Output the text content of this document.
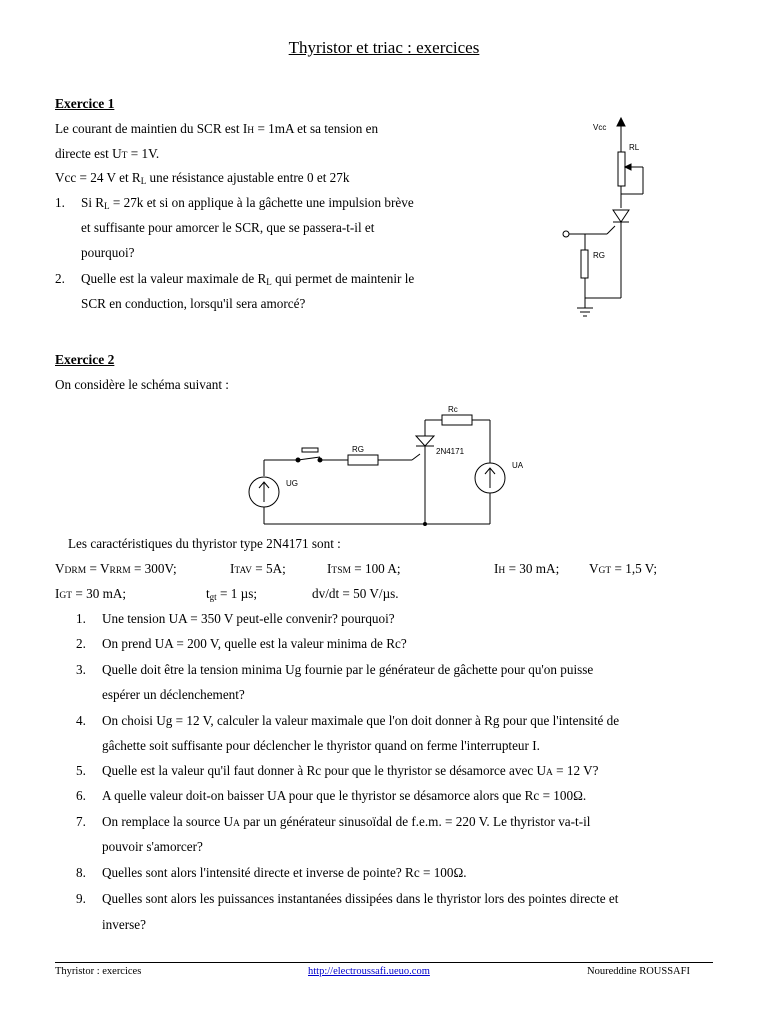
Thyristor et triac : exercices
Exercice 1
Le courant de maintien du SCR est IH = 1mA et sa tension en
directe est UT = 1V.
Vcc = 24 V et RL une résistance ajustable entre 0 et 27k
1. Si RL = 27k et si on applique à la gâchette une impulsion brève
et suffisante pour amorcer le SCR, que se passera-t-il et
pourquoi?
2. Quelle est la valeur maximale de RL qui permet de maintenir le
SCR en conduction, lorsqu'il sera amorcé?
Vcc
RL
RG
Exercice 2
On considère le schéma suivant :
Rc
RG	2N4171
UG
UA
Les caractéristiques du thyristor type 2N4171 sont :
VDRM = VRRM = 300V;	ITAV = 5A;	ITSM = 100 A;	IH = 30 mA; VGT = 1,5 V;
IGT = 30 mA;	tgt = 1 µs;	dv/dt = 50 V/µs.
1. Une tension UA = 350 V peut-elle convenir? pourquoi?
2. On prend UA = 200 V, quelle est la valeur minima de Rc?
3. Quelle doit être la tension minima Ug fournie par le générateur de gâchette pour qu'on puisse
espérer un déclenchement?
4. On choisi Ug = 12 V, calculer la valeur maximale que l'on doit donner à Rg pour que l'intensité de
gâchette soit suffisante pour déclencher le thyristor quand on ferme l'interrupteur I.
5. Quelle est la valeur qu'il faut donner à Rc pour que le thyristor se désamorce avec UA = 12 V?
6. A quelle valeur doit-on baisser UA pour que le thyristor se désamorce alors que Rc = 100Ω.
7. On remplace la source UA par un générateur sinusoïdal de f.e.m. = 220 V. Le thyristor va-t-il
pouvoir s'amorcer?
8. Quelles sont alors l'intensité directe et inverse de pointe? Rc = 100Ω.
9. Quelles sont alors les puissances instantanées dissipées dans le thyristor lors des pointes directe et
inverse?
Thyristor : exercices	http://electroussafi.ueuo.com	Noureddine ROUSSAFI
